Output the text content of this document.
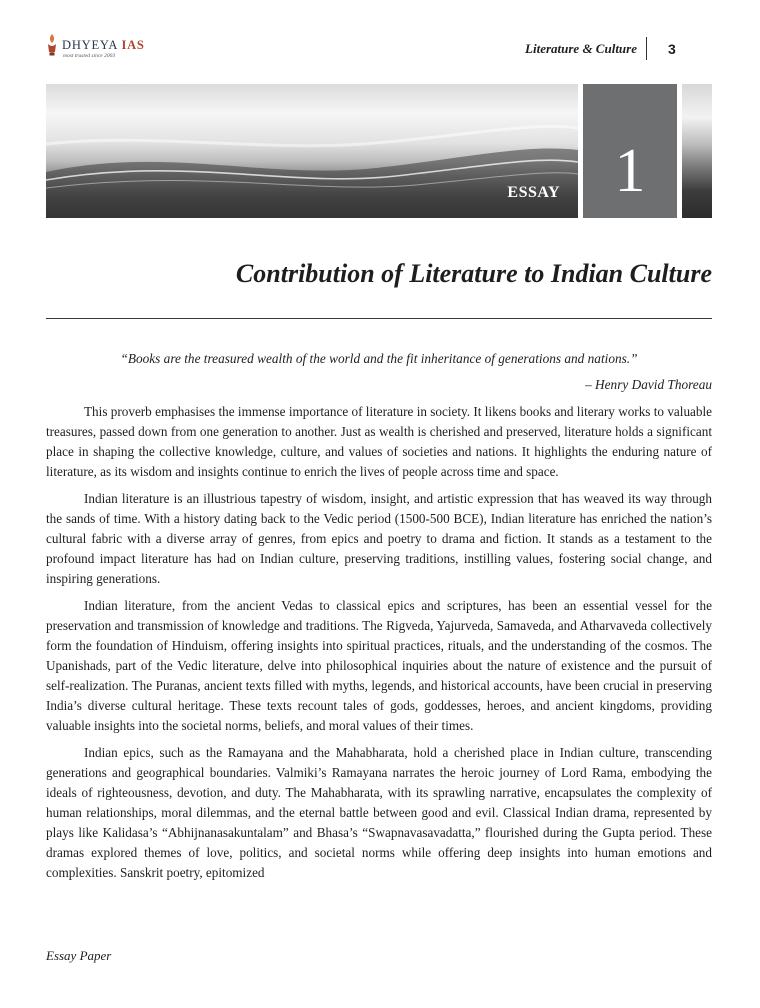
DHYEYA IAS
most trusted since 2003	Literature & Culture 3
ESSAY 1
Contribution of Literature to Indian Culture

“Books are the treasured wealth of the world and the fit inheritance of generations and nations.”

– Henry David Thoreau

This proverb emphasises the immense importance of literature in society. It likens books and literary works to valuable treasures, passed down from one generation to another. Just as wealth is cherished and preserved, literature holds a significant place in shaping the collective knowledge, culture, and values of societies and nations. It highlights the enduring nature of literature, as its wisdom and insights continue to enrich the lives of people across time and space.

Indian literature is an illustrious tapestry of wisdom, insight, and artistic expression that has weaved its way through the sands of time. With a history dating back to the Vedic period (1500-500 BCE), Indian literature has enriched the nation’s cultural fabric with a diverse array of genres, from epics and poetry to drama and fiction. It stands as a testament to the profound impact literature has had on Indian culture, preserving traditions, instilling values, fostering social change, and inspiring generations.

Indian literature, from the ancient Vedas to classical epics and scriptures, has been an essential vessel for the preservation and transmission of knowledge and traditions. The Rigveda, Yajurveda, Samaveda, and Atharvaveda collectively form the foundation of Hinduism, offering insights into spiritual practices, rituals, and the understanding of the cosmos. The Upanishads, part of the Vedic literature, delve into philosophical inquiries about the nature of existence and the pursuit of self-realization. The Puranas, ancient texts filled with myths, legends, and historical accounts, have been crucial in preserving India’s diverse cultural heritage. These texts recount tales of gods, goddesses, heroes, and ancient kingdoms, providing valuable insights into the societal norms, beliefs, and moral values of their times.

Indian epics, such as the Ramayana and the Mahabharata, hold a cherished place in Indian culture, transcending generations and geographical boundaries. Valmiki’s Ramayana narrates the heroic journey of Lord Rama, embodying the ideals of righteousness, devotion, and duty. The Mahabharata, with its sprawling narrative, encapsulates the complexity of human relationships, moral dilemmas, and the eternal battle between good and evil. Classical Indian drama, represented by plays like Kalidasa’s “Abhijnanasakuntalam” and Bhasa’s “Swapnavasavadatta,” flourished during the Gupta period. These dramas explored themes of love, politics, and societal norms while offering deep insights into human emotions and complexities. Sanskrit poetry, epitomized

Essay Paper
